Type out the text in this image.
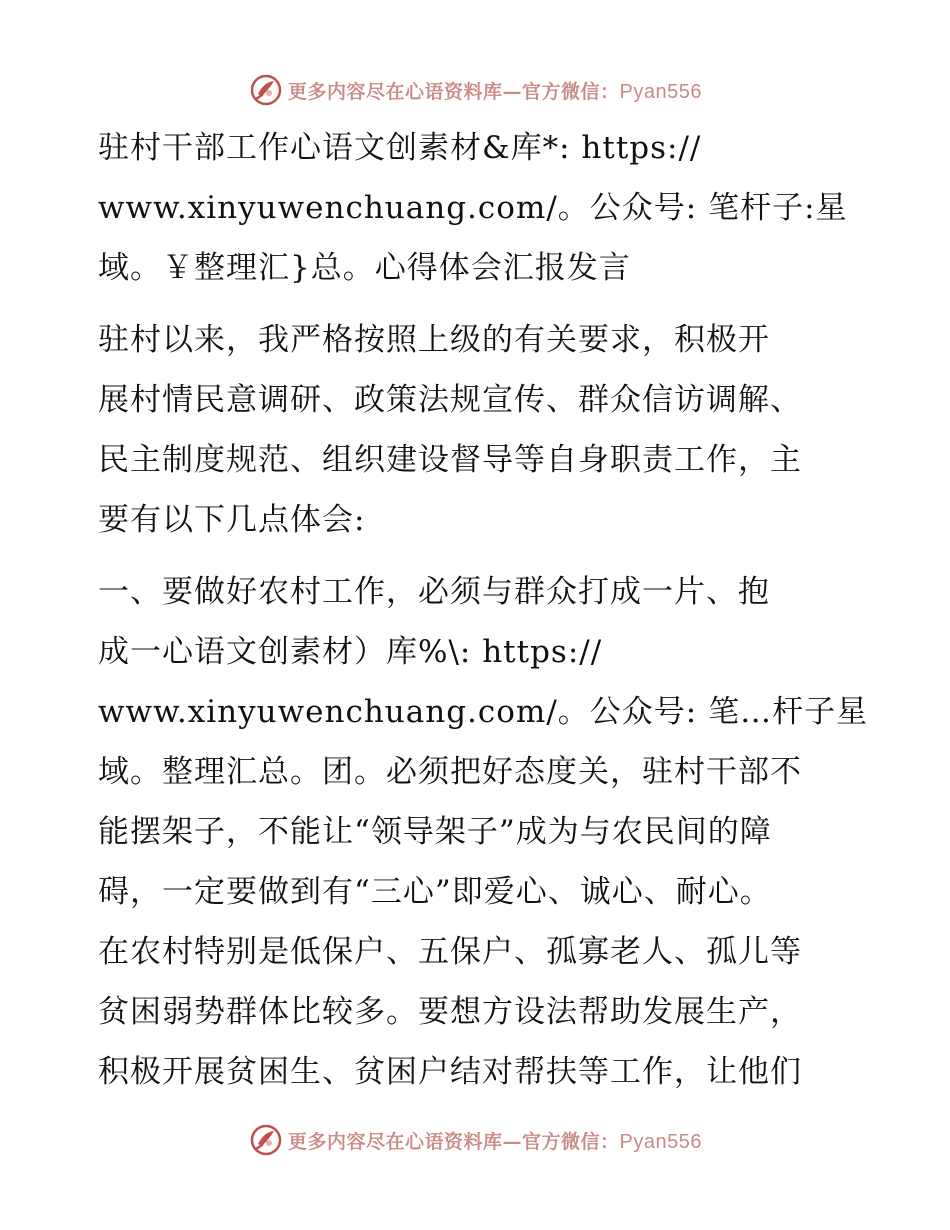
更多内容尽在心语资料库—官方微信：Pyan556
驻村干部工作心语文创素材&库*: https://
www.xinyuwenchuang.com/。公众号: 笔杆子:星
域。￥整理汇}总。心得体会汇报发言
驻村以来，我严格按照上级的有关要求，积极开
展村情民意调研、政策法规宣传、群众信访调解、
民主制度规范、组织建设督导等自身职责工作，主
要有以下几点体会:
一、要做好农村工作，必须与群众打成一片、抱
成一心语文创素材）库%\: https://
www.xinyuwenchuang.com/。公众号: 笔…杆子星
域。整理汇总。团。必须把好态度关，驻村干部不
能摆架子，不能让“领导架子”成为与农民间的障
碍，一定要做到有“三心”即爱心、诚心、耐心。
在农村特别是低保户、五保户、孤寡老人、孤儿等
贫困弱势群体比较多。要想方设法帮助发展生产，
积极开展贫困生、贫困户结对帮扶等工作，让他们
更多内容尽在心语资料库—官方微信：Pyan556
